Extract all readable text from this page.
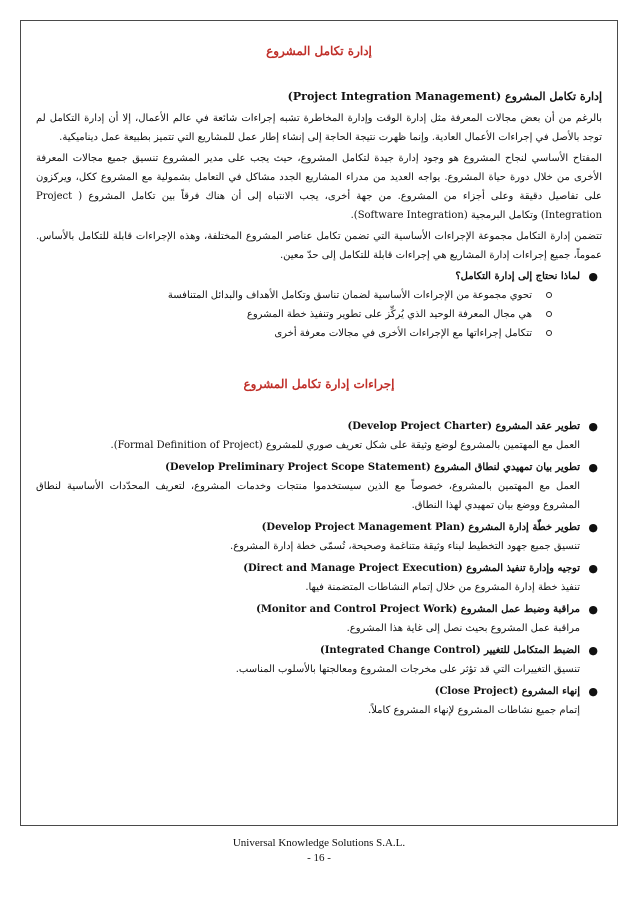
إدارة تكامل المشروع
إدارة تكامل المشروع (Project Integration Management)

بالرغم من أن بعض مجالات المعرفة مثل إدارة الوقت وإدارة المخاطرة تشبه إجراءات شائعة في عالم الأعمال، إلا أن إدارة التكامل لم توجد بالأصل في إجراءات الأعمال العادية. وإنما ظهرت نتيجة الحاجة إلى إنشاء إطار عمل للمشاريع التي تتميز بطبيعة عمل ديناميكية.

المفتاح الأساسي لنجاح المشروع هو وجود إدارة جيدة لتكامل المشروع، حيث يجب على مدير المشروع تنسيق جميع مجالات المعرفة الأخرى من خلال دورة حياة المشروع. يواجه العديد من مدراء المشاريع الجدد مشاكل في التعامل بشمولية مع المشروع ككل، ويركزون على تفاصيل دقيقة وعلى أجزاء من المشروع. من جهة أخرى، يجب الانتباه إلى أن هناك فرقاً بين تكامل المشروع ( Project Integration) وتكامل البرمجية (Software Integration).

تتضمن إدارة التكامل مجموعة الإجراءات الأساسية التي تضمن تكامل عناصر المشروع المختلفة، وهذه الإجراءات قابلة للتكامل بالأساس. عموماً، جميع إجراءات إدارة المشاريع هي إجراءات قابلة للتكامل إلى حدّ معين.

●
لماذا نحتاج إلى إدارة التكامل؟
تحوي مجموعة من الإجراءات الأساسية لضمان تناسق وتكامل الأهداف والبدائل المتنافسة
هي مجال المعرفة الوحيد الذي يُركِّز على تطوير وتنفيذ خطة المشروع
تتكامل إجراءاتها مع الإجراءات الأخرى في مجالات معرفة أخرى
إجراءات إدارة تكامل المشروع
●
تطوير عقد المشروع (Develop Project Charter)
العمل مع المهتمين بالمشروع لوضع وثيقة على شكل تعريف صوري للمشروع (Formal Definition of Project).
●
تطوير بيان تمهيدي لنطاق المشروع (Develop Preliminary Project Scope Statement)
العمل مع المهتمين بالمشروع، خصوصاً مع الذين سيستخدموا منتجات وخدمات المشروع، لتعريف المحدّدات الأساسية لنطاق المشروع ووضع بيان تمهيدي لهذا النطاق.
●
تطوير خطّة إدارة المشروع (Develop Project Management Plan)
تنسيق جميع جهود التخطيط لبناء وثيقة متناغمة وصحيحة، تُسمّى خطة إدارة المشروع.
●
توجيه وإدارة تنفيذ المشروع (Direct and Manage Project Execution)
تنفيذ خطة إدارة المشروع من خلال إتمام النشاطات المتضمنة فيها.
●
مراقبة وضبط عمل المشروع (Monitor and Control Project Work)
مراقبة عمل المشروع بحيث نصل إلى غاية هذا المشروع.
●
الضبط المتكامل للتغيير (Integrated Change Control)
تنسيق التغييرات التي قد تؤثر على مخرجات المشروع ومعالجتها بالأسلوب المناسب.
●
إنهاء المشروع (Close Project)
إتمام جميع نشاطات المشروع لإنهاء المشروع كاملاً.
Universal Knowledge Solutions S.A.L.
- 16 -
